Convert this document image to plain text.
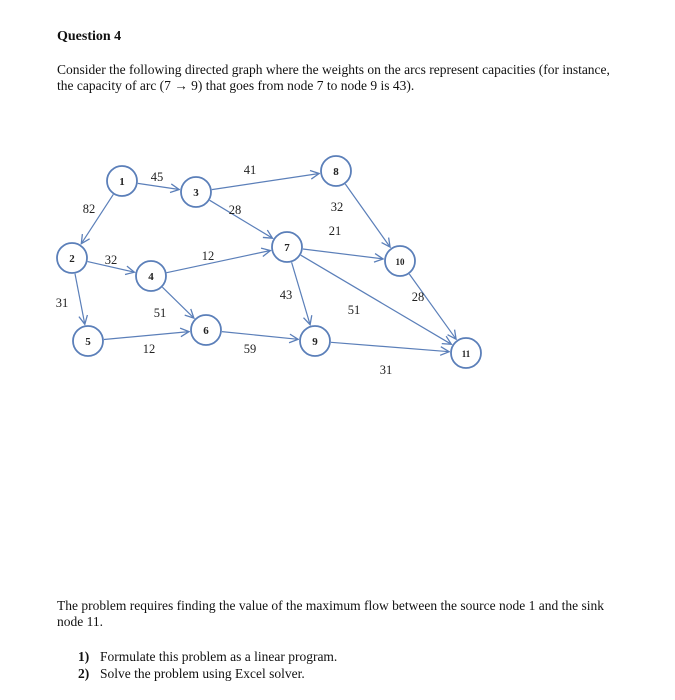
Question 4
Consider the following directed graph where the weights on the arcs represent capacities (for instance, the capacity of arc (7 → 9) that goes from node 7 to node 9 is 43).
45
82
41
28	32
32
31
12
51
21
43
51
28
12	59
31
1
2
3
4
5
6
7
8
9
10
11
The problem requires finding the value of the maximum flow between the source node 1 and the sink node 11.
1) Formulate this problem as a linear program.
2) Solve the problem using Excel solver.
